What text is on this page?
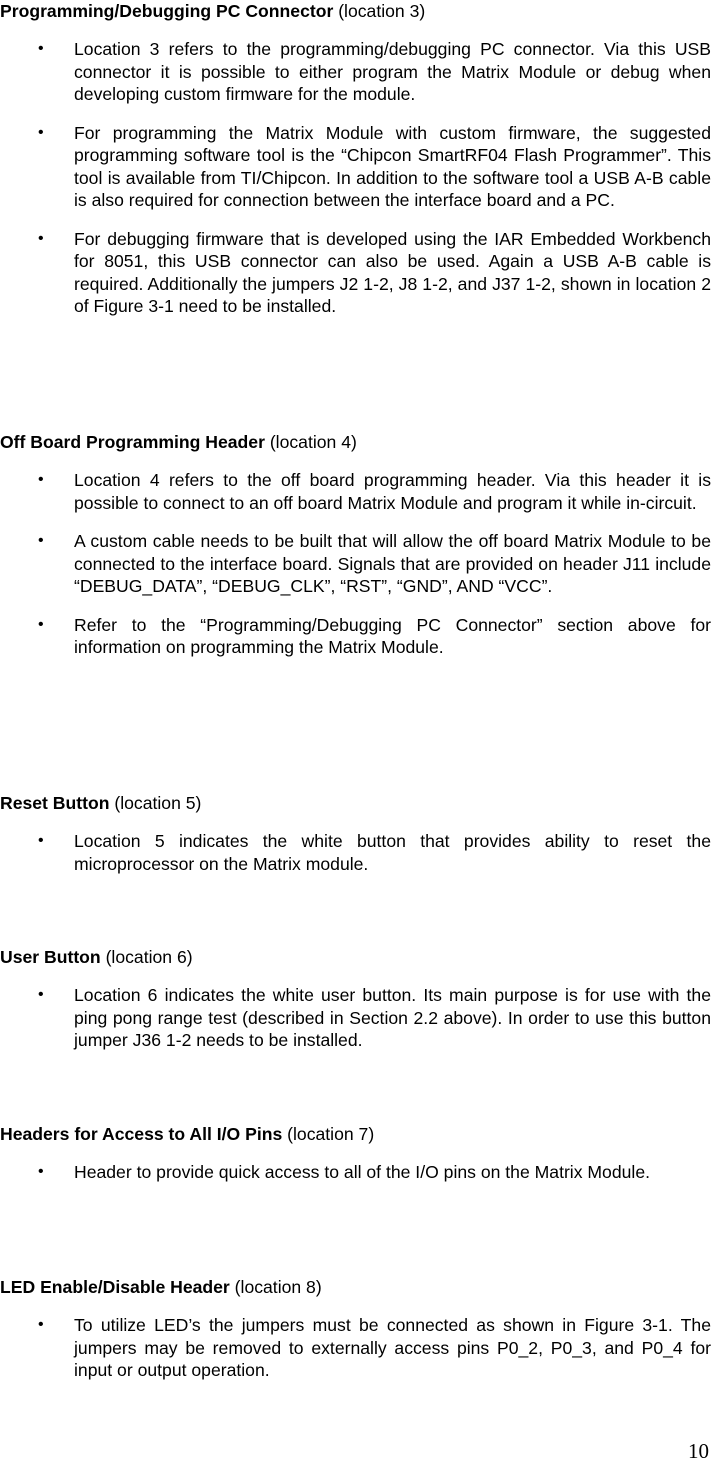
Programming/Debugging PC Connector (location 3)

• Location 3 refers to the programming/debugging PC connector. Via this USB connector it is possible to either program the Matrix Module or debug when developing custom firmware for the module.
• For programming the Matrix Module with custom firmware, the suggested programming software tool is the “Chipcon SmartRF04 Flash Programmer”. This tool is available from TI/Chipcon. In addition to the software tool a USB A-B cable is also required for connection between the interface board and a PC.
• For debugging firmware that is developed using the IAR Embedded Workbench for 8051, this USB connector can also be used. Again a USB A-B cable is required. Additionally the jumpers J2 1-2, J8 1-2, and J37 1-2, shown in location 2 of Figure 3-1 need to be installed.

Off Board Programming Header (location 4)

• Location 4 refers to the off board programming header. Via this header it is possible to connect to an off board Matrix Module and program it while in-circuit.
• A custom cable needs to be built that will allow the off board Matrix Module to be connected to the interface board. Signals that are provided on header J11 include “DEBUG_DATA”, “DEBUG_CLK”, “RST”, “GND”, AND “VCC”.
• Refer to the “Programming/Debugging PC Connector” section above for information on programming the Matrix Module.

Reset Button (location 5)

• Location 5 indicates the white button that provides ability to reset the microprocessor on the Matrix module.

User Button (location 6)

• Location 6 indicates the white user button. Its main purpose is for use with the ping pong range test (described in Section 2.2 above). In order to use this button jumper J36 1-2 needs to be installed.

Headers for Access to All I/O Pins (location 7)

• Header to provide quick access to all of the I/O pins on the Matrix Module.

LED Enable/Disable Header (location 8)

• To utilize LED’s the jumpers must be connected as shown in Figure 3-1. The jumpers may be removed to externally access pins P0_2, P0_3, and P0_4 for input or output operation.
10
